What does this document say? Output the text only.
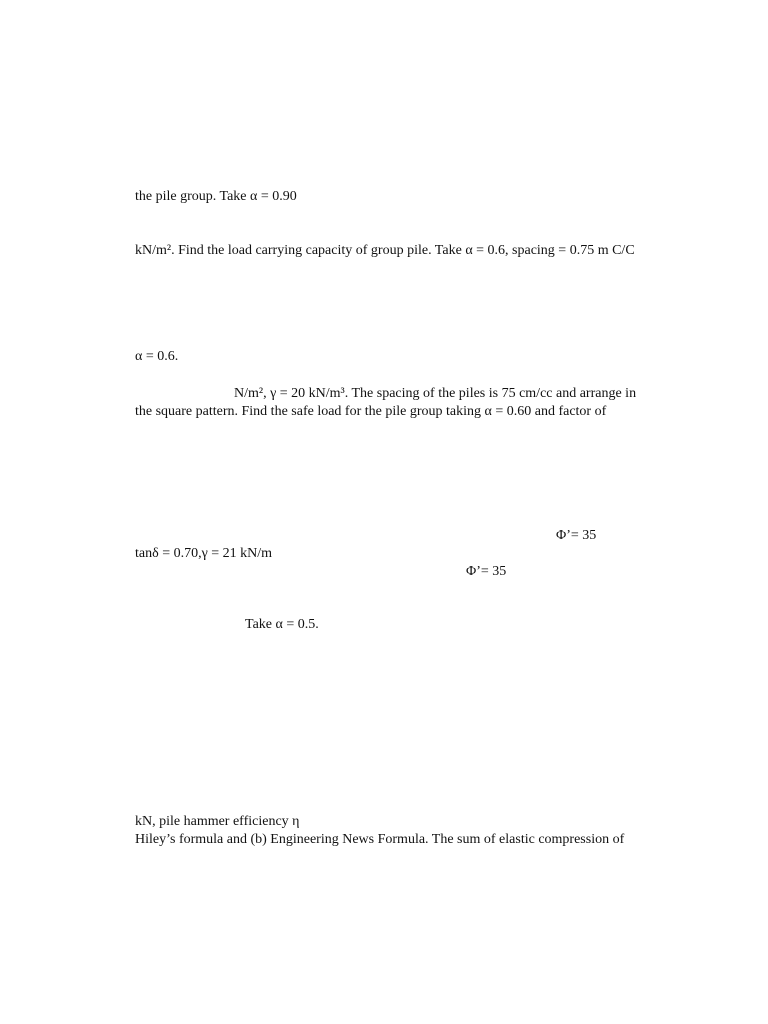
the pile group. Take α = 0.90
kN/m². Find the load carrying capacity of group pile. Take α = 0.6, spacing = 0.75 m C/C
α = 0.6.
N/m², γ = 20 kN/m³. The spacing of the piles is 75 cm/cc and arrange in
the square pattern. Find the safe load for the pile group taking α = 0.60 and factor of
Φ’= 35
tanδ = 0.70,γ = 21 kN/m
Φ’= 35
Take α = 0.5.
kN, pile hammer efficiency η
Hiley’s formula and (b) Engineering News Formula. The sum of elastic compression of
